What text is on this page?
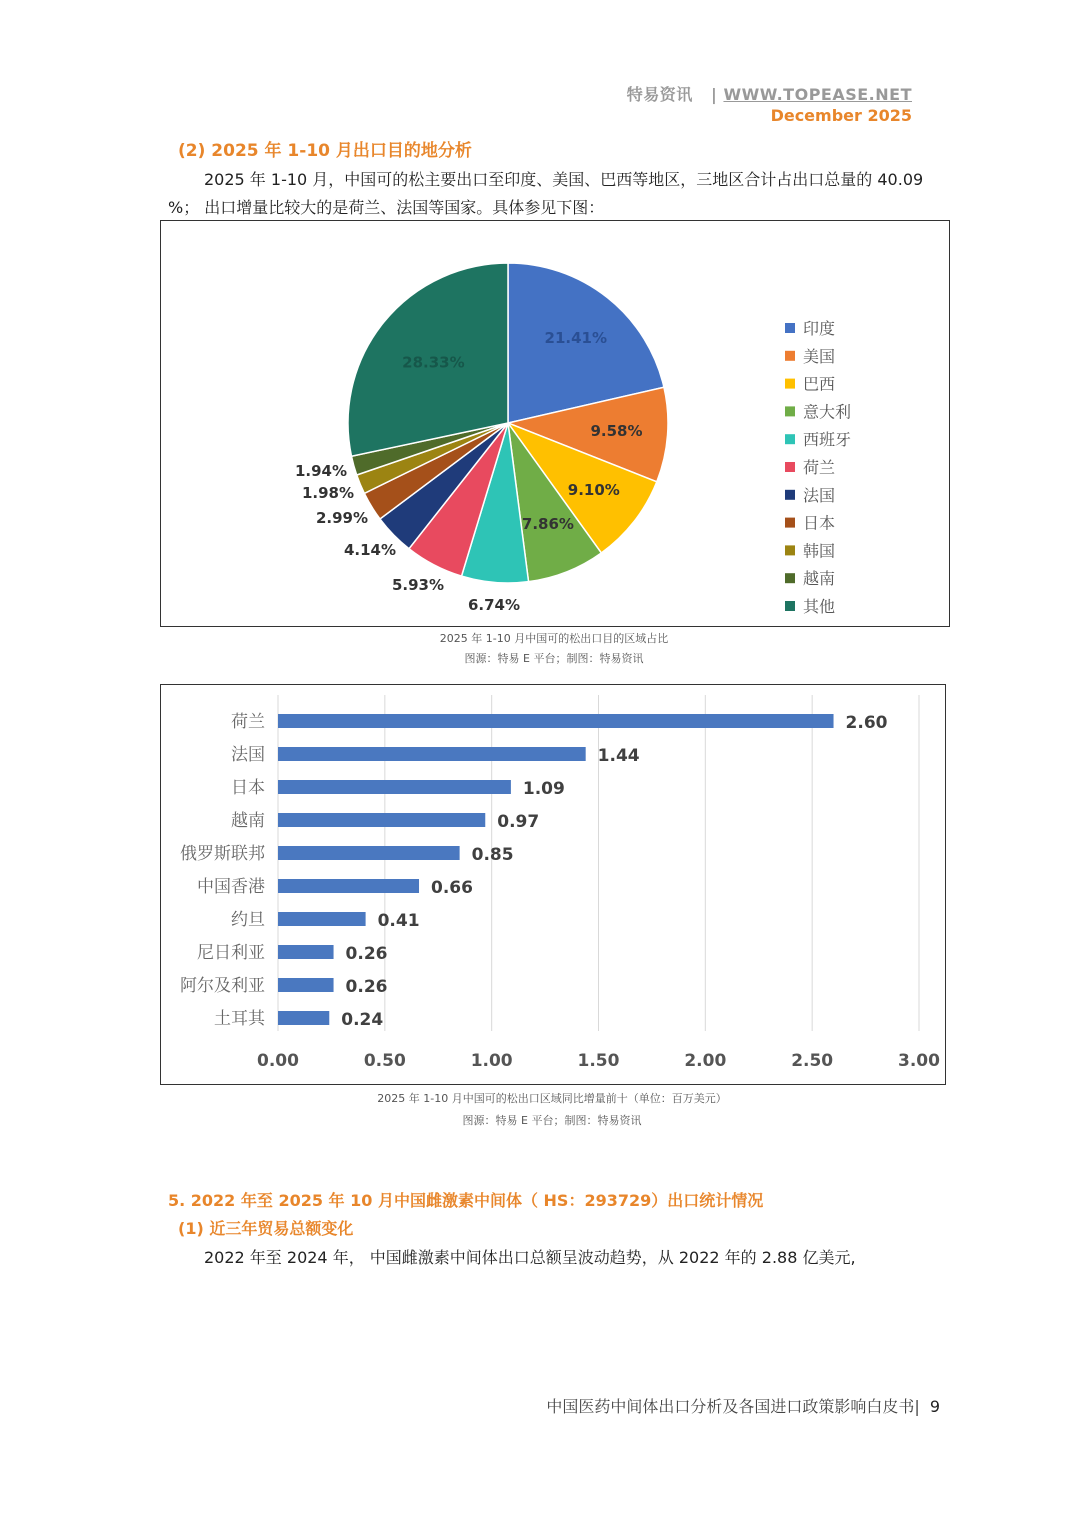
特易资讯 | WWW.TOPEASE.NET
December 2025
(2) 2025 年 1-10 月出口目的地分析
2025 年 1-10 月，中国可的松主要出口至印度、美国、巴西等地区，三地区合计占出口总量的 40.09 %； 出口增量比较大的是荷兰、法国等国家。具体参见下图：
21.41%
9.58%
9.10%
7.86%
6.74%
5.93%
4.14%
2.99%
1.98%
1.94%
28.33%
印度
美国
巴西
意大利
西班牙
荷兰
法国
日本
韩国
越南
其他
2025 年 1-10 月中国可的松出口目的区域占比
图源：特易 E 平台；制图：特易资讯
0.00	0.50	1.00	1.50	2.00	2.50	3.00
荷兰	2.60
法国	1.44
日本	1.09
越南	0.97
俄罗斯联邦	0.85
中国香港	0.66
约旦	0.41
尼日利亚	0.26
阿尔及利亚	0.26
土耳其	0.24
2025 年 1-10 月中国可的松出口区域同比增量前十（单位：百万美元）
图源：特易 E 平台；制图：特易资讯
5. 2022 年至 2025 年 10 月中国雌激素中间体（ HS：293729）出口统计情况
(1) 近三年贸易总额变化
2022 年至 2024 年， 中国雌激素中间体出口总额呈波动趋势，从 2022 年的 2.88 亿美元,
中国医药中间体出口分析及各国进口政策影响白皮书| 9
